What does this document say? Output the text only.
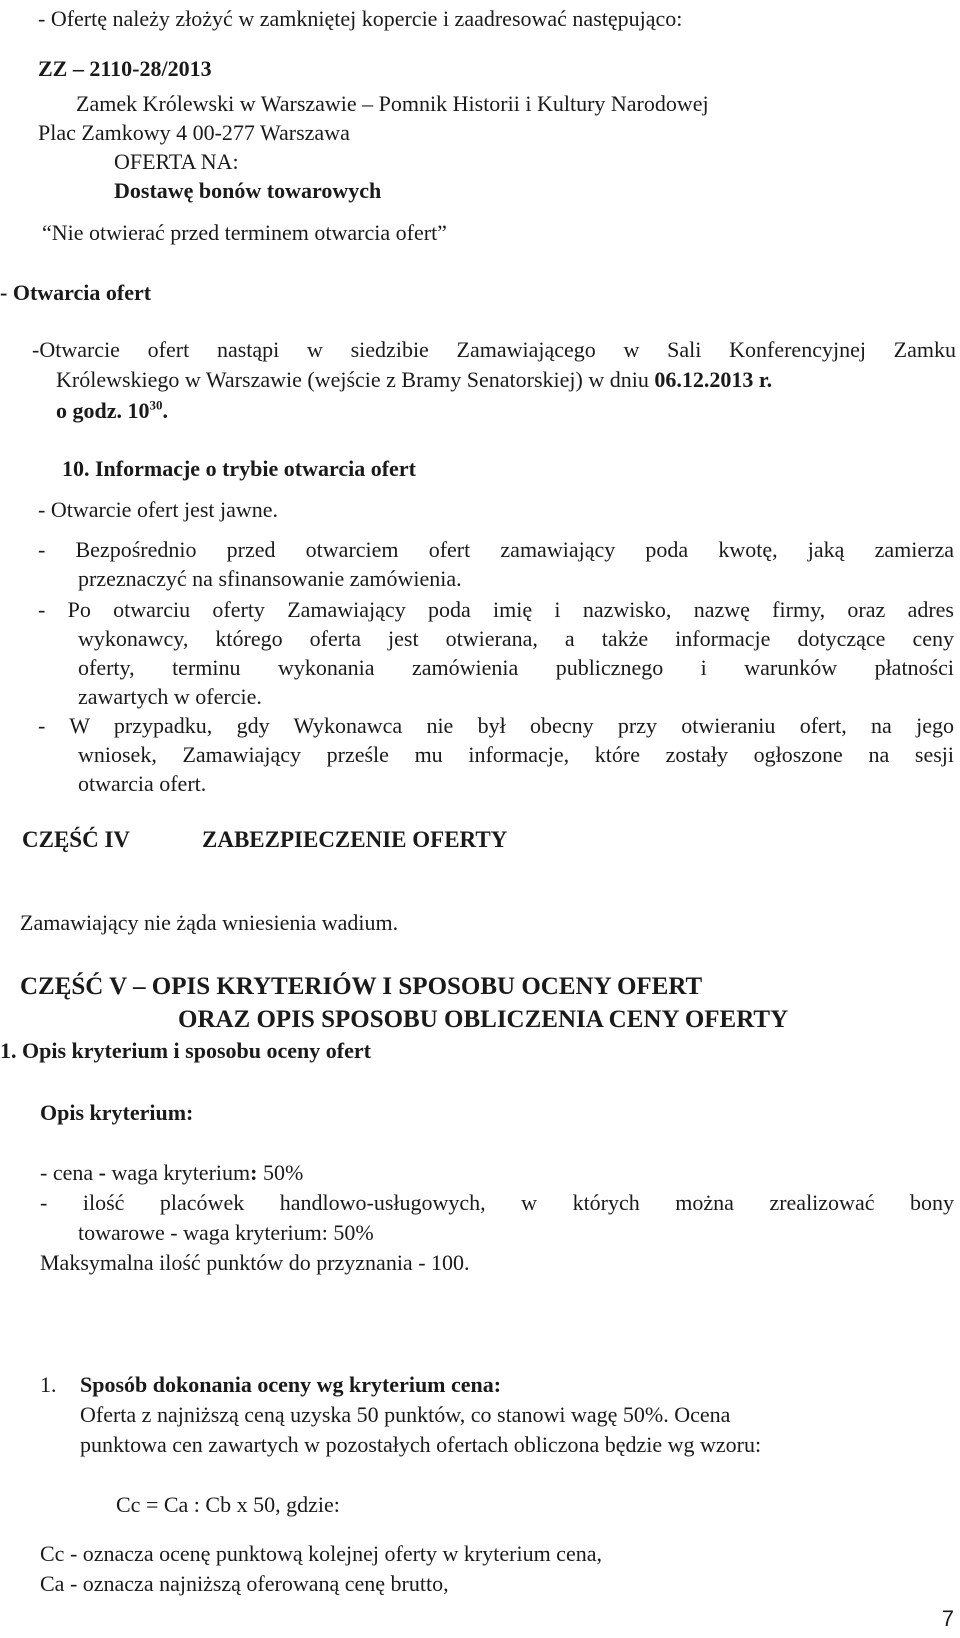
- Ofertę należy złożyć w zamkniętej kopercie i zaadresować następująco:
ZZ – 2110-28/2013
Zamek Królewski w Warszawie – Pomnik Historii i Kultury Narodowej
Plac Zamkowy 4 00-277 Warszawa
OFERTA NA:
Dostawę bonów towarowych
“Nie otwierać przed terminem otwarcia ofert”
- Otwarcia ofert
-Otwarcie ofert nastąpi w siedzibie Zamawiającego w Sali Konferencyjnej Zamku
Królewskiego w Warszawie (wejście z Bramy Senatorskiej) w dniu 06.12.2013 r.
o godz. $10^{30}$.
10. Informacje o trybie otwarcia ofert
- Otwarcie ofert jest jawne.
- Bezpośrednio przed otwarciem ofert zamawiający poda kwotę, jaką zamierza
przeznaczyć na sfinansowanie zamówienia.
- Po otwarciu oferty Zamawiający poda imię i nazwisko, nazwę firmy, oraz adres
wykonawcy, którego oferta jest otwierana, a także informacje dotyczące ceny
oferty, terminu wykonania zamówienia publicznego i warunków płatności
zawartych w ofercie.
- W przypadku, gdy Wykonawca nie był obecny przy otwieraniu ofert, na jego
wniosek, Zamawiający prześle mu informacje, które zostały ogłoszone na sesji
otwarcia ofert.
CZĘŚĆ IV	ZABEZPIECZENIE OFERTY
Zamawiający nie żąda wniesienia wadium.
CZĘŚĆ V – OPIS KRYTERIÓW I SPOSOBU OCENY OFERT
ORAZ OPIS SPOSOBU OBLICZENIA CENY OFERTY
1. Opis kryterium i sposobu oceny ofert
Opis kryterium:
- cena - waga kryterium: 50%
- ilość placówek handlowo-usługowych, w których można zrealizować bony
towarowe - waga kryterium: 50%
Maksymalna ilość punktów do przyznania - 100.
1. Sposób dokonania oceny wg kryterium cena:
Oferta z najniższą ceną uzyska 50 punktów, co stanowi wagę 50%. Ocena
punktowa cen zawartych w pozostałych ofertach obliczona będzie wg wzoru:
Cc = Ca : Cb x 50, gdzie:
Cc - oznacza ocenę punktową kolejnej oferty w kryterium cena,
Ca - oznacza najniższą oferowaną cenę brutto,
7
